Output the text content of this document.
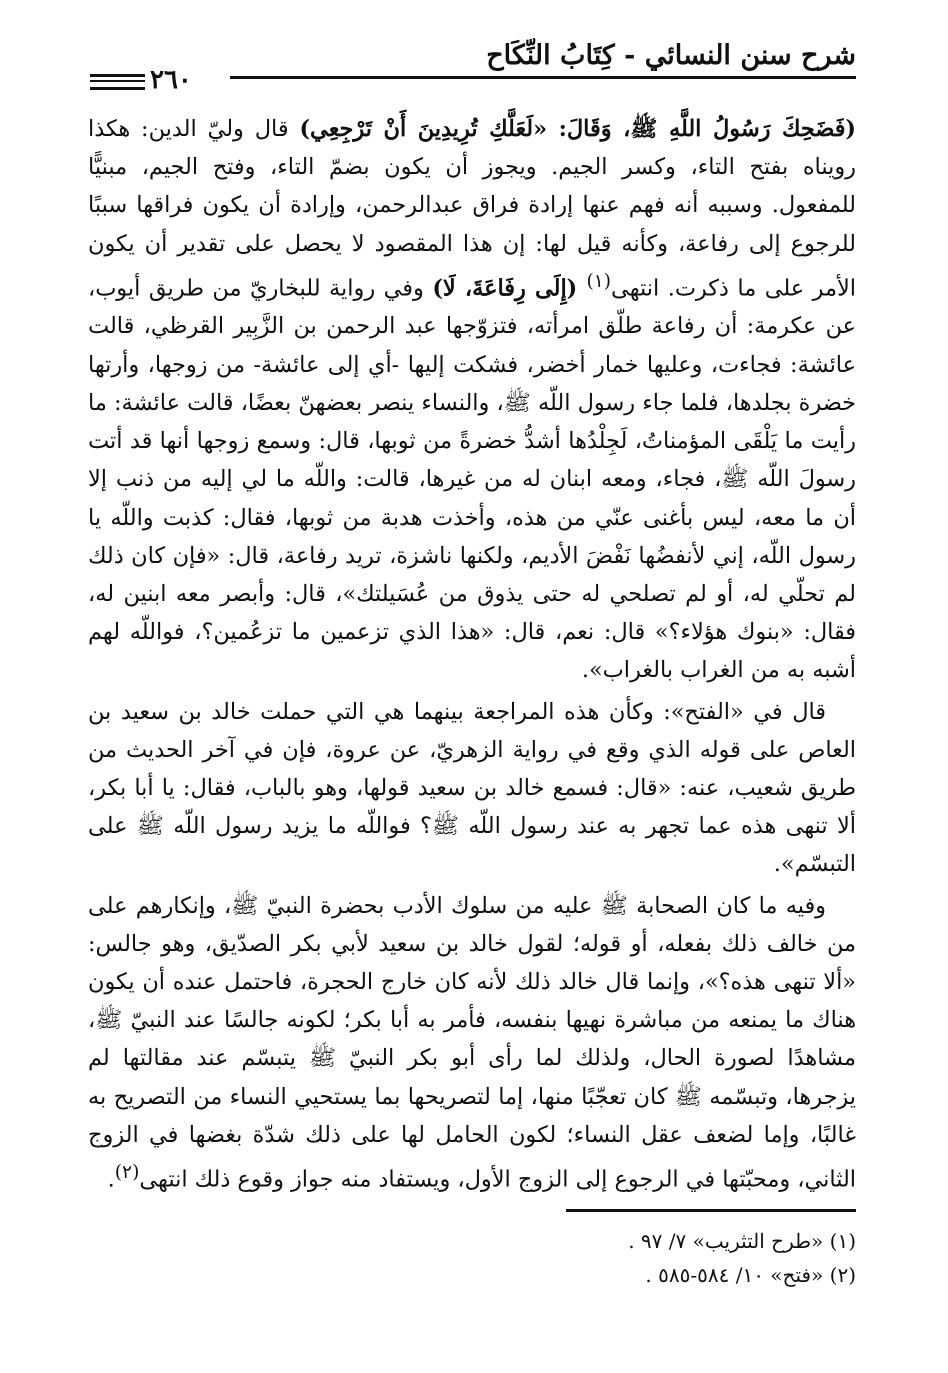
شرح سنن النسائي - كِتَابُ النِّكَاح
٢٦٠

(فَضَحِكَ رَسُولُ اللَّهِ ﷺ، وَقَالَ: «لَعَلَّكِ تُرِيدِينَ أَنْ تَرْجِعِي) قال وليّ الدين: هكذا رويناه بفتح التاء، وكسر الجيم. ويجوز أن يكون بضمّ التاء، وفتح الجيم، مبنيًّا للمفعول. وسببه أنه فهم عنها إرادة فراق عبدالرحمن، وإرادة أن يكون فراقها سببًا للرجوع إلى رفاعة، وكأنه قيل لها: إن هذا المقصود لا يحصل على تقدير أن يكون الأمر على ما ذكرت. انتهى$^{(١)}$ (إِلَى رِفَاعَةَ، لَا) وفي رواية للبخاريّ من طريق أيوب، عن عكرمة: أن رفاعة طلّق امرأته، فتزوّجها عبد الرحمن بن الزَّبِير القرظي، قالت عائشة: فجاءت، وعليها خمار أخضر، فشكت إليها -أي إلى عائشة- من زوجها، وأرتها خضرة بجلدها، فلما جاء رسول اللّه ﷺ، والنساء ينصر بعضهنّ بعضًا، قالت عائشة: ما رأيت ما يَلْقَى المؤمناتُ، لَجِلْدُها أشدُّ خضرةً من ثوبها، قال: وسمع زوجها أنها قد أتت رسولَ اللّه ﷺ، فجاء، ومعه ابنان له من غيرها، قالت: واللّه ما لي إليه من ذنب إلا أن ما معه، ليس بأغنى عنّي من هذه، وأخذت هدبة من ثوبها، فقال: كذبت واللّه يا رسول اللّه، إني لأنفضُها نَفْضَ الأديم، ولكنها ناشزة، تريد رفاعة، قال: «فإن كان ذلك لم تحلّي له، أو لم تصلحي له حتى يذوق من عُسَيلتك»، قال: وأبصر معه ابنين له، فقال: «بنوك هؤلاء؟» قال: نعم، قال: «هذا الذي تزعمين ما تزعُمين؟، فواللّه لهم أشبه به من الغراب بالغراب».

قال في «الفتح»: وكأن هذه المراجعة بينهما هي التي حملت خالد بن سعيد بن العاص على قوله الذي وقع في رواية الزهريّ، عن عروة، فإن في آخر الحديث من طريق شعيب، عنه: «قال: فسمع خالد بن سعيد قولها، وهو بالباب، فقال: يا أبا بكر، ألا تنهى هذه عما تجهر به عند رسول اللّه ﷺ؟ فواللّه ما يزيد رسول اللّه ﷺ على التبسّم».

وفيه ما كان الصحابة ﷺ عليه من سلوك الأدب بحضرة النبيّ ﷺ، وإنكارهم على من خالف ذلك بفعله، أو قوله؛ لقول خالد بن سعيد لأبي بكر الصدّيق، وهو جالس: «ألا تنهى هذه؟»، وإنما قال خالد ذلك لأنه كان خارج الحجرة، فاحتمل عنده أن يكون هناك ما يمنعه من مباشرة نهيها بنفسه، فأمر به أبا بكر؛ لكونه جالسًا عند النبيّ ﷺ، مشاهدًا لصورة الحال، ولذلك لما رأى أبو بكر النبيّ ﷺ يتبسّم عند مقالتها لم يزجرها، وتبسّمه ﷺ كان تعجّبًا منها، إما لتصريحها بما يستحيي النساء من التصريح به غالبًا، وإما لضعف عقل النساء؛ لكون الحامل لها على ذلك شدّة بغضها في الزوج الثاني، ومحبّتها في الرجوع إلى الزوج الأول، ويستفاد منه جواز وقوع ذلك انتهى$^{(٢)}$.

(١) «طرح التثريب» ٧/ ٩٧ .
(٢) «فتح» ١٠/ ٥٨٤-٥٨٥ .
